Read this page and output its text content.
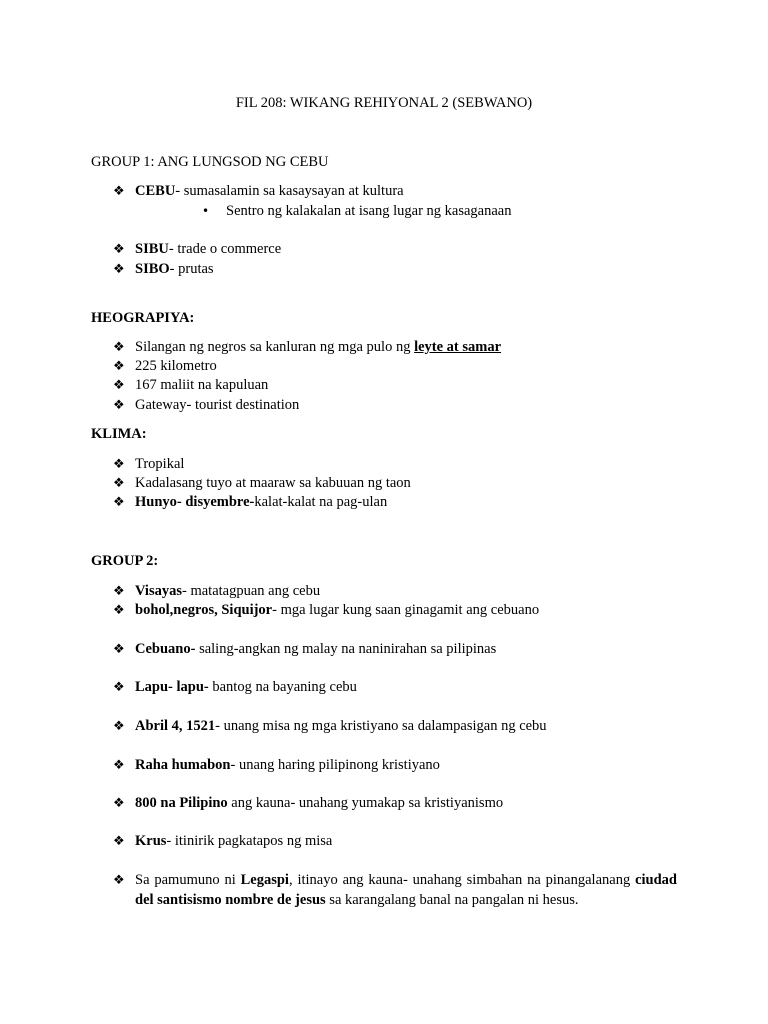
FIL 208: WIKANG REHIYONAL 2 (SEBWANO)
GROUP 1: ANG LUNGSOD NG CEBU
❖ CEBU- sumasalamin sa kasaysayan at kultura
• Sentro ng kalakalan at isang lugar ng kasaganaan
❖ SIBU- trade o commerce
❖ SIBO- prutas
HEOGRAPIYA:
❖ Silangan ng negros sa kanluran ng mga pulo ng leyte at samar
❖ 225 kilometro
❖ 167 maliit na kapuluan
❖ Gateway- tourist destination
KLIMA:
❖ Tropikal
❖ Kadalasang tuyo at maaraw sa kabuuan ng taon
❖ Hunyo- disyembre-kalat-kalat na pag-ulan
GROUP 2:
❖ Visayas- matatagpuan ang cebu
❖ bohol,negros, Siquijor- mga lugar kung saan ginagamit ang cebuano
❖ Cebuano- saling-angkan ng malay na naninirahan sa pilipinas
❖ Lapu- lapu- bantog na bayaning cebu
❖ Abril 4, 1521- unang misa ng mga kristiyano sa dalampasigan ng cebu
❖ Raha humabon- unang haring pilipinong kristiyano
❖ 800 na Pilipino ang kauna- unahang yumakap sa kristiyanismo
❖ Krus- itinirik pagkatapos ng misa
❖ Sa pamumuno ni Legaspi, itinayo ang kauna- unahang simbahan na pinangalanang ciudad del santisismo nombre de jesus sa karangalang banal na pangalan ni hesus.
